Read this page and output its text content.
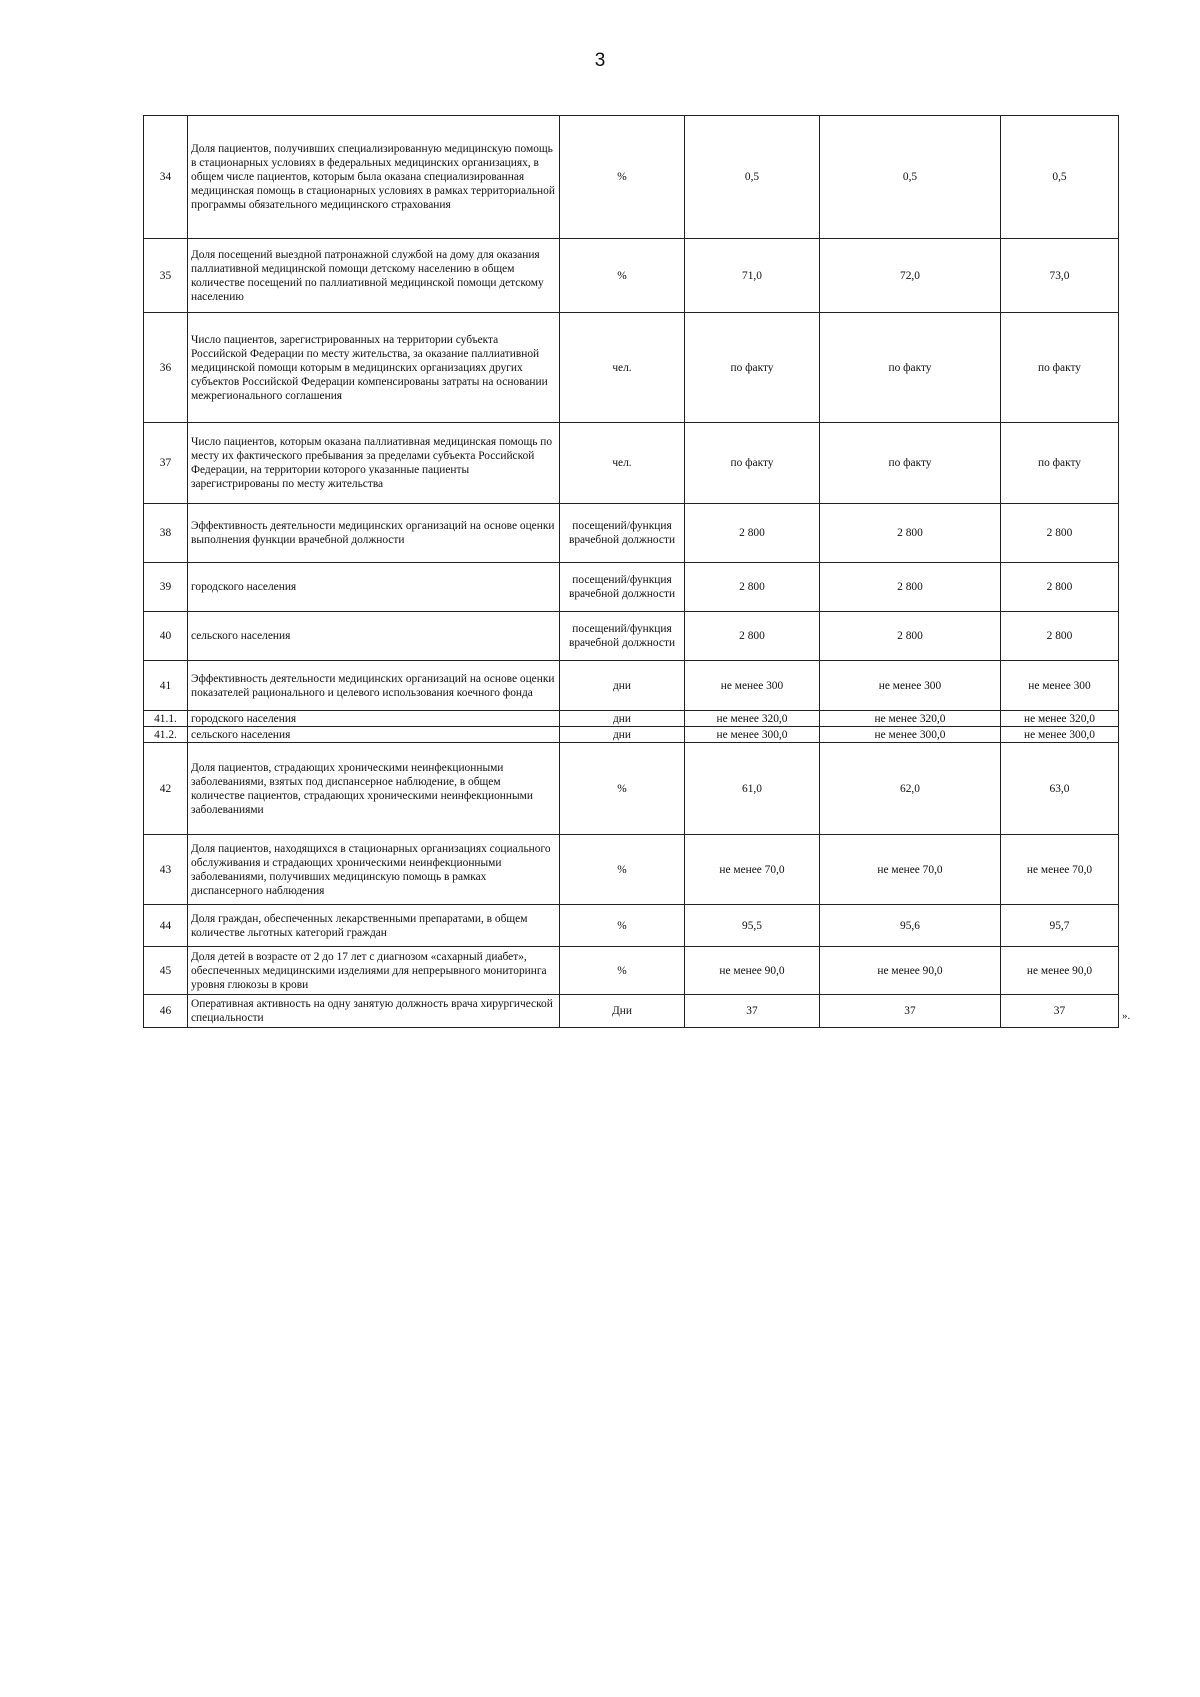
3
34	Доля пациентов, получивших специализированную медицинскую помощь в стационарных условиях в федеральных медицинских организациях, в общем числе пациентов, которым была оказана специализированная медицинская помощь в стационарных условиях в рамках территориальной программы обязательного медицинского страхования	%	0,5	0,5	0,5
35	Доля посещений выездной патронажной службой на дому для оказания паллиативной медицинской помощи детскому населению в общем количестве посещений по паллиативной медицинской помощи детскому населению	%	71,0	72,0	73,0
36	Число пациентов, зарегистрированных на территории субъекта Российской Федерации по месту жительства, за оказание паллиативной медицинской помощи которым в медицинских организациях других субъектов Российской Федерации компенсированы затраты на основании межрегионального соглашения	чел.	по факту	по факту	по факту
37	Число пациентов, которым оказана паллиативная медицинская помощь по месту их фактического пребывания за пределами субъекта Российской Федерации, на территории которого указанные пациенты зарегистрированы по месту жительства	чел.	по факту	по факту	по факту
38	Эффективность деятельности медицинских организаций на основе оценки выполнения функции врачебной должности	посещений/функция врачебной должности	2 800	2 800	2 800
39	городского населения	посещений/функция врачебной должности	2 800	2 800	2 800
40	сельского населения	посещений/функция врачебной должности	2 800	2 800	2 800
41	Эффективность деятельности медицинских организаций на основе оценки показателей рационального и целевого использования коечного фонда	дни	не менее 300	не менее 300	не менее 300
41.1.	городского населения	дни	не менее 320,0	не менее 320,0	не менее 320,0
41.2.	сельского населения	дни	не менее 300,0	не менее 300,0	не менее 300,0
42	Доля пациентов, страдающих хроническими неинфекционными заболеваниями, взятых под диспансерное наблюдение, в общем количестве пациентов, страдающих хроническими неинфекционными заболеваниями	%	61,0	62,0	63,0
43	Доля пациентов, находящихся в стационарных организациях социального обслуживания и страдающих хроническими неинфекционными заболеваниями, получивших медицинскую помощь в рамках диспансерного наблюдения	%	не менее 70,0	не менее 70,0	не менее 70,0
44	Доля граждан, обеспеченных лекарственными препаратами, в общем количестве льготных категорий граждан	%	95,5	95,6	95,7
45	Доля детей в возрасте от 2 до 17 лет с диагнозом «сахарный диабет», обеспеченных медицинскими изделиями для непрерывного мониторинга уровня глюкозы в крови	%	не менее 90,0	не менее 90,0	не менее 90,0
46	Оперативная активность на одну занятую должность врача хирургической специальности	Дни	37	37	37	».
